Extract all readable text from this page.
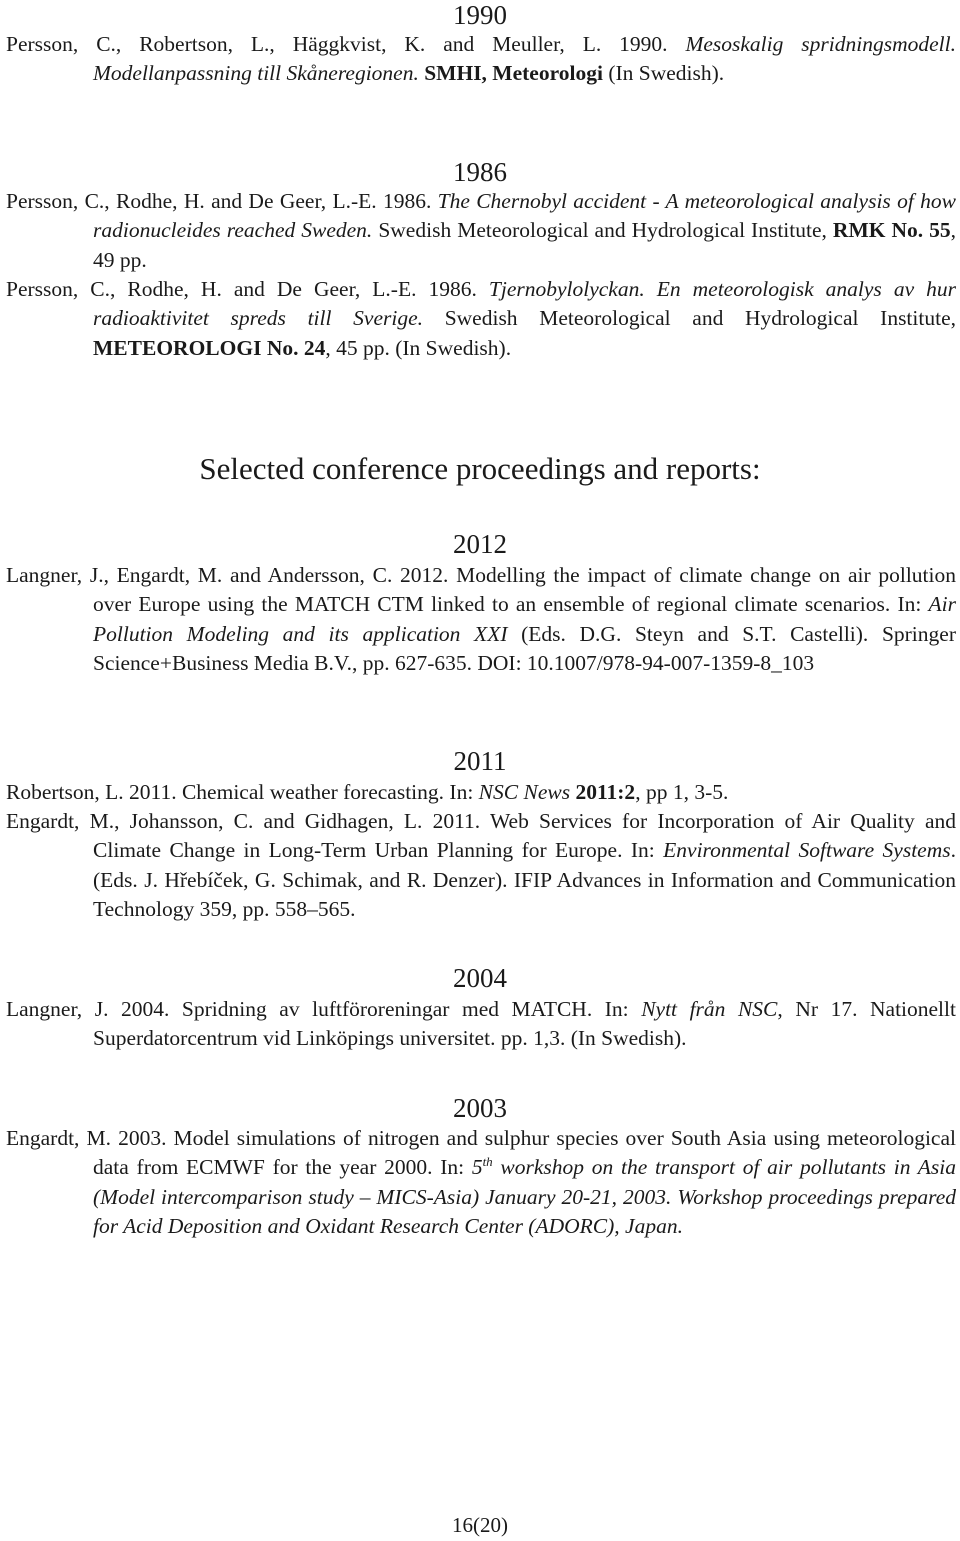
1990
Persson, C., Robertson, L., Häggkvist, K. and Meuller, L. 1990. Mesoskalig spridningsmodell. Modellanpassning till Skåneregionen. SMHI, Meteorologi (In Swedish).
1986
Persson, C., Rodhe, H. and De Geer, L.-E. 1986. The Chernobyl accident - A meteorological analysis of how radionucleides reached Sweden. Swedish Meteorological and Hydrological Institute, RMK No. 55, 49 pp.
Persson, C., Rodhe, H. and De Geer, L.-E. 1986. Tjernobylolyckan. En meteorologisk analys av hur radioaktivitet spreds till Sverige. Swedish Meteorological and Hydrological Institute, METEOROLOGI No. 24, 45 pp. (In Swedish).
Selected conference proceedings and reports:
2012
Langner, J., Engardt, M. and Andersson, C. 2012. Modelling the impact of climate change on air pollution over Europe using the MATCH CTM linked to an ensemble of regional climate scenarios. In: Air Pollution Modeling and its application XXI (Eds. D.G. Steyn and S.T. Castelli). Springer Science+Business Media B.V., pp. 627-635. DOI: 10.1007/978-94-007-1359-8_103
2011
Robertson, L. 2011. Chemical weather forecasting. In: NSC News 2011:2, pp 1, 3-5.
Engardt, M., Johansson, C. and Gidhagen, L. 2011. Web Services for Incorporation of Air Quality and Climate Change in Long-Term Urban Planning for Europe. In: Environmental Software Systems. (Eds. J. Hřebíček, G. Schimak, and R. Denzer). IFIP Advances in Information and Communication Technology 359, pp. 558–565.
2004
Langner, J. 2004. Spridning av luftföroreningar med MATCH. In: Nytt från NSC, Nr 17. Nationellt Superdatorcentrum vid Linköpings universitet. pp. 1,3. (In Swedish).
2003
Engardt, M. 2003. Model simulations of nitrogen and sulphur species over South Asia using meteorological data from ECMWF for the year 2000. In: 5th workshop on the transport of air pollutants in Asia (Model intercomparison study – MICS-Asia) January 20-21, 2003. Workshop proceedings prepared for Acid Deposition and Oxidant Research Center (ADORC), Japan.
16(20)
